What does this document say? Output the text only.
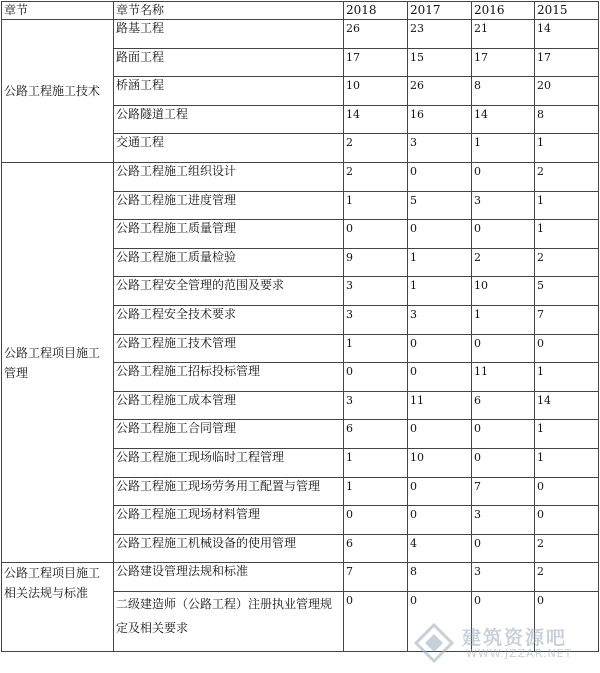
章节	章节名称	2018	2017	2016	2015
公路工程施工技术	路基工程	26	23	21	14
	路面工程	17	15	17	17
	桥涵工程	10	26	8	20
	公路隧道工程	14	16	14	8
	交通工程	2	3	1	1
公路工程项目施工管理	公路工程施工组织设计	2	0	0	2
	公路工程施工进度管理	1	5	3	1
	公路工程施工质量管理	0	0	0	1
	公路工程施工质量检验	9	1	2	2
	公路工程安全管理的范围及要求	3	1	10	5
	公路工程安全技术要求	3	3	1	7
	公路工程施工技术管理	1	0	0	0
	公路工程施工招标投标管理	0	0	11	1
	公路工程施工成本管理	3	11	6	14
	公路工程施工合同管理	6	0	0	1
	公路工程施工现场临时工程管理	1	10	0	1
	公路工程施工现场劳务用工配置与管理	1	0	7	0
	公路工程施工现场材料管理	0	0	3	0
	公路工程施工机械设备的使用管理	6	4	0	2
公路工程项目施工相关法规与标准	公路建设管理法规和标准	7	8	3	2
	二级建造师（公路工程）注册执业管理规定及相关要求	0	0	0	0
建筑资源吧
WWW.JZZAR.NET
